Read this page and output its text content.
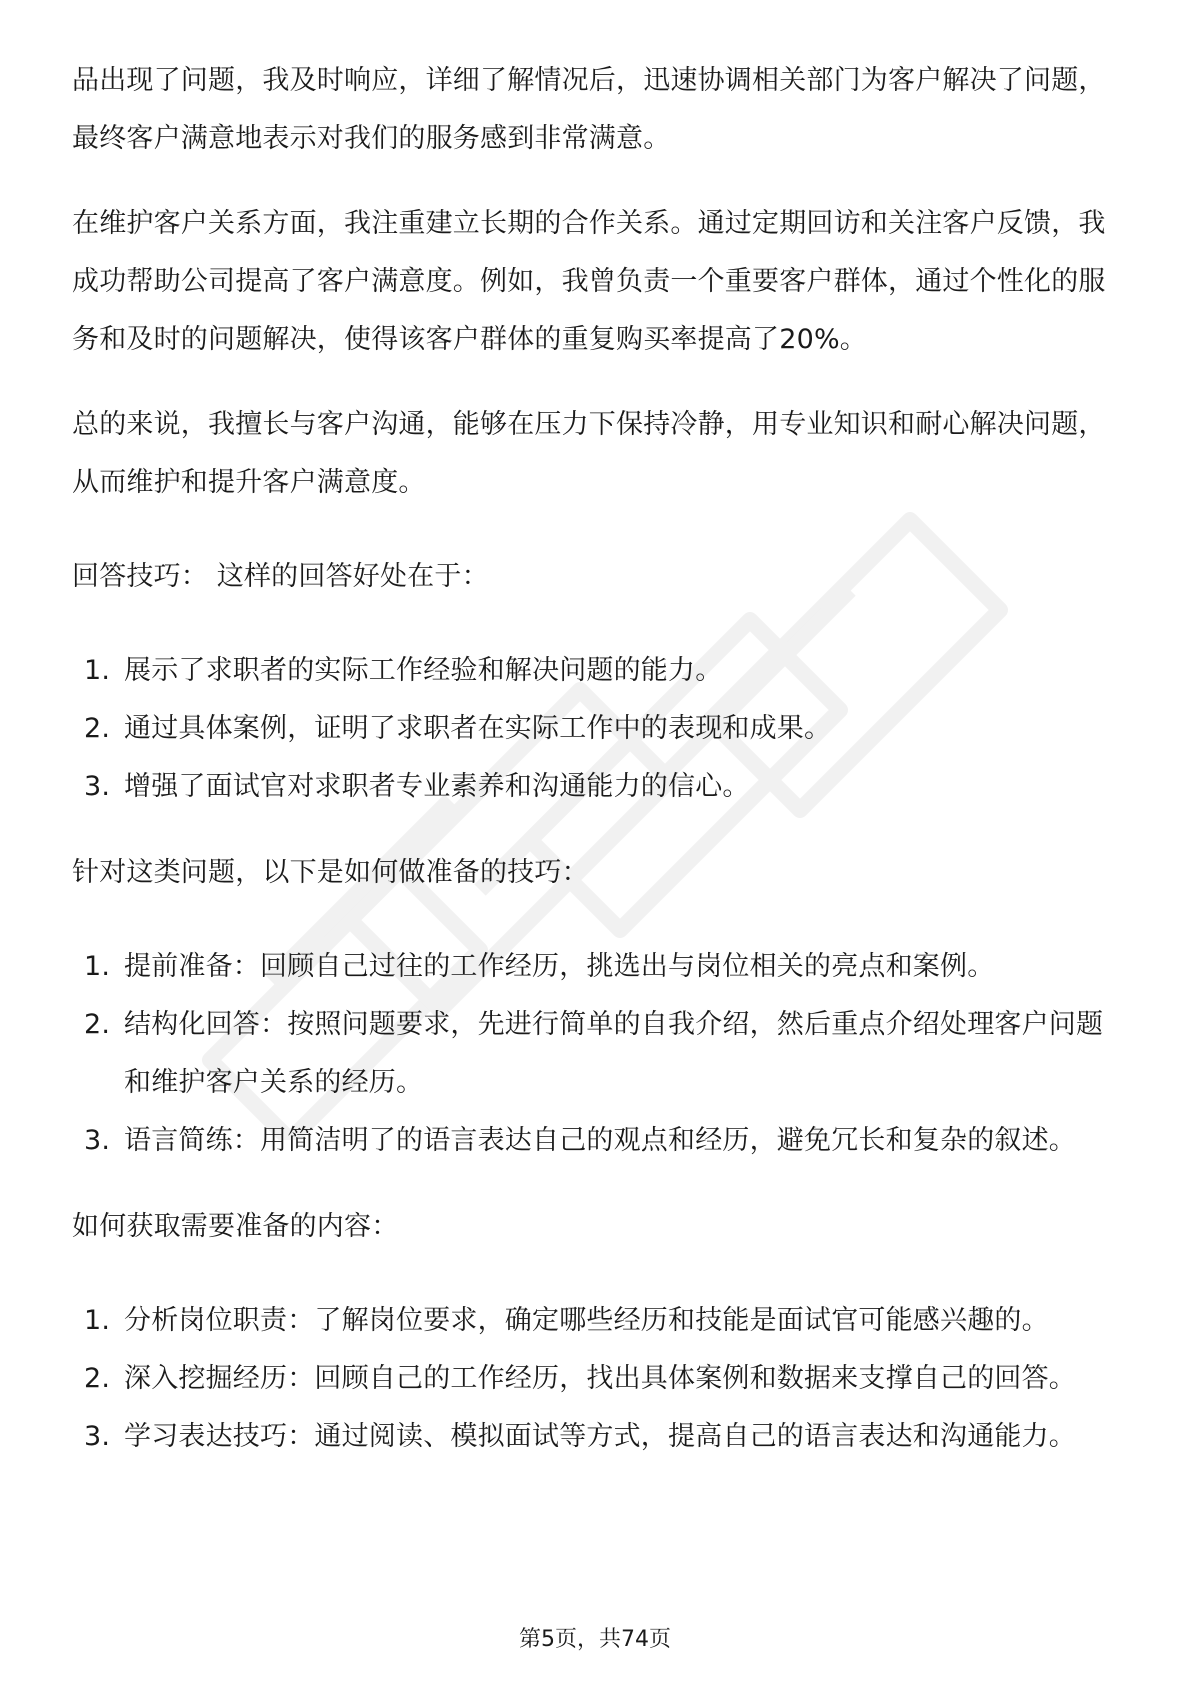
品出现了问题，我及时响应，详细了解情况后，迅速协调相关部门为客户解决了问题，最终客户满意地表示对我们的服务感到非常满意。

在维护客户关系方面，我注重建立长期的合作关系。通过定期回访和关注客户反馈，我成功帮助公司提高了客户满意度。例如，我曾负责一个重要客户群体，通过个性化的服务和及时的问题解决，使得该客户群体的重复购买率提高了20%。

总的来说，我擅长与客户沟通，能够在压力下保持冷静，用专业知识和耐心解决问题，从而维护和提升客户满意度。

回答技巧： 这样的回答好处在于：

1. 展示了求职者的实际工作经验和解决问题的能力。
2. 通过具体案例，证明了求职者在实际工作中的表现和成果。
3. 增强了面试官对求职者专业素养和沟通能力的信心。

针对这类问题，以下是如何做准备的技巧：

1. 提前准备：回顾自己过往的工作经历，挑选出与岗位相关的亮点和案例。
2. 结构化回答：按照问题要求，先进行简单的自我介绍，然后重点介绍处理客户问题和维护客户关系的经历。
3. 语言简练：用简洁明了的语言表达自己的观点和经历，避免冗长和复杂的叙述。

如何获取需要准备的内容：

1. 分析岗位职责：了解岗位要求，确定哪些经历和技能是面试官可能感兴趣的。
2. 深入挖掘经历：回顾自己的工作经历，找出具体案例和数据来支撑自己的回答。
3. 学习表达技巧：通过阅读、模拟面试等方式，提高自己的语言表达和沟通能力。
第5页，共74页
